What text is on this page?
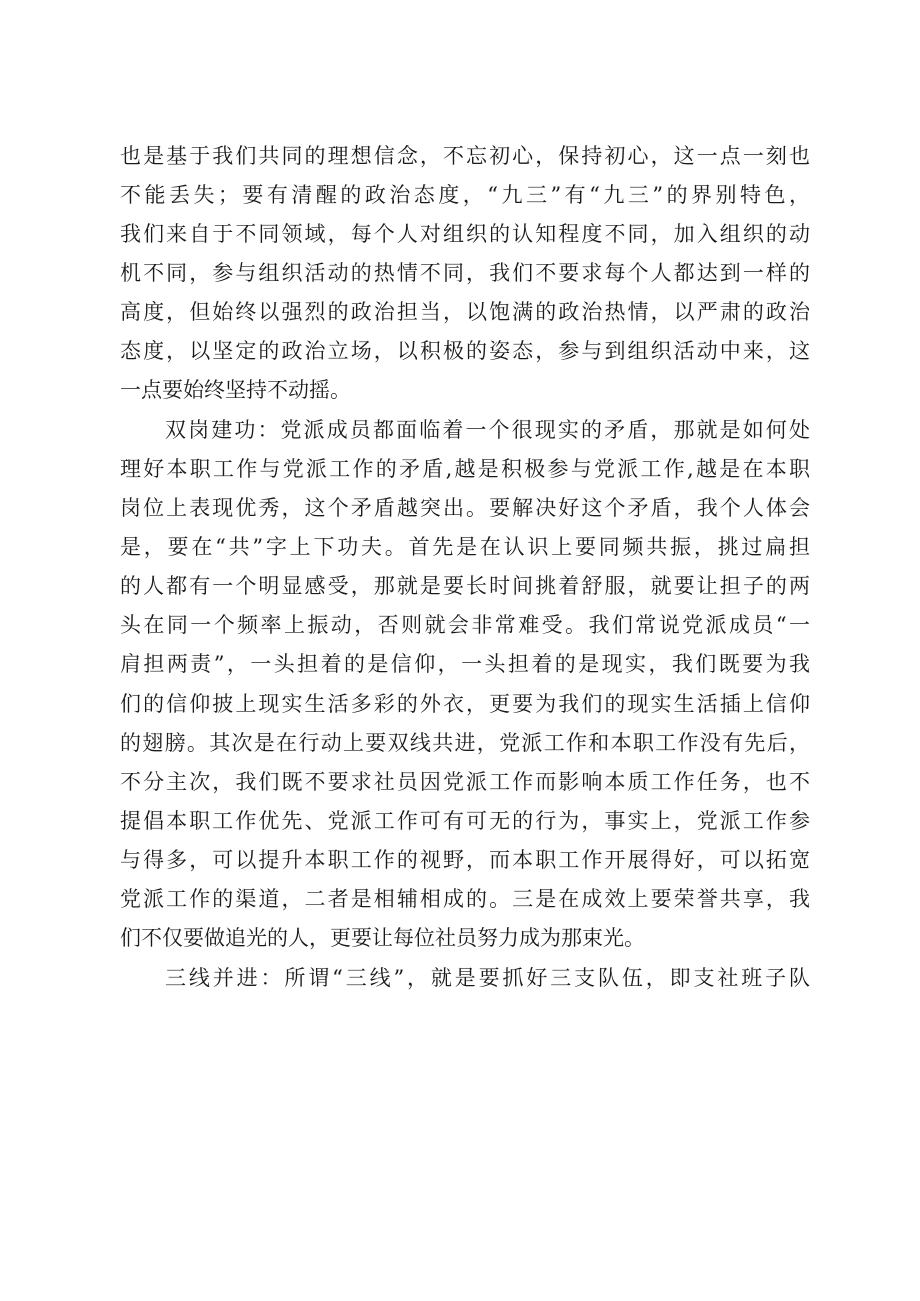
也是基于我们共同的理想信念，不忘初心，保持初心，这一点一刻也
不能丢失；要有清醒的政治态度，“九三”有“九三”的界别特色，
我们来自于不同领域，每个人对组织的认知程度不同，加入组织的动
机不同，参与组织活动的热情不同，我们不要求每个人都达到一样的
高度，但始终以强烈的政治担当，以饱满的政治热情，以严肃的政治
态度，以坚定的政治立场，以积极的姿态，参与到组织活动中来，这
一点要始终坚持不动摇。
双岗建功：党派成员都面临着一个很现实的矛盾，那就是如何处
理好本职工作与党派工作的矛盾,越是积极参与党派工作,越是在本职
岗位上表现优秀，这个矛盾越突出。要解决好这个矛盾，我个人体会
是，要在“共”字上下功夫。首先是在认识上要同频共振，挑过扁担
的人都有一个明显感受，那就是要长时间挑着舒服，就要让担子的两
头在同一个频率上振动，否则就会非常难受。我们常说党派成员“一
肩担两责”，一头担着的是信仰，一头担着的是现实，我们既要为我
们的信仰披上现实生活多彩的外衣，更要为我们的现实生活插上信仰
的翅膀。其次是在行动上要双线共进，党派工作和本职工作没有先后，
不分主次，我们既不要求社员因党派工作而影响本质工作任务，也不
提倡本职工作优先、党派工作可有可无的行为，事实上，党派工作参
与得多，可以提升本职工作的视野，而本职工作开展得好，可以拓宽
党派工作的渠道，二者是相辅相成的。三是在成效上要荣誉共享，我
们不仅要做追光的人，更要让每位社员努力成为那束光。
三线并进：所谓“三线”，就是要抓好三支队伍，即支社班子队
